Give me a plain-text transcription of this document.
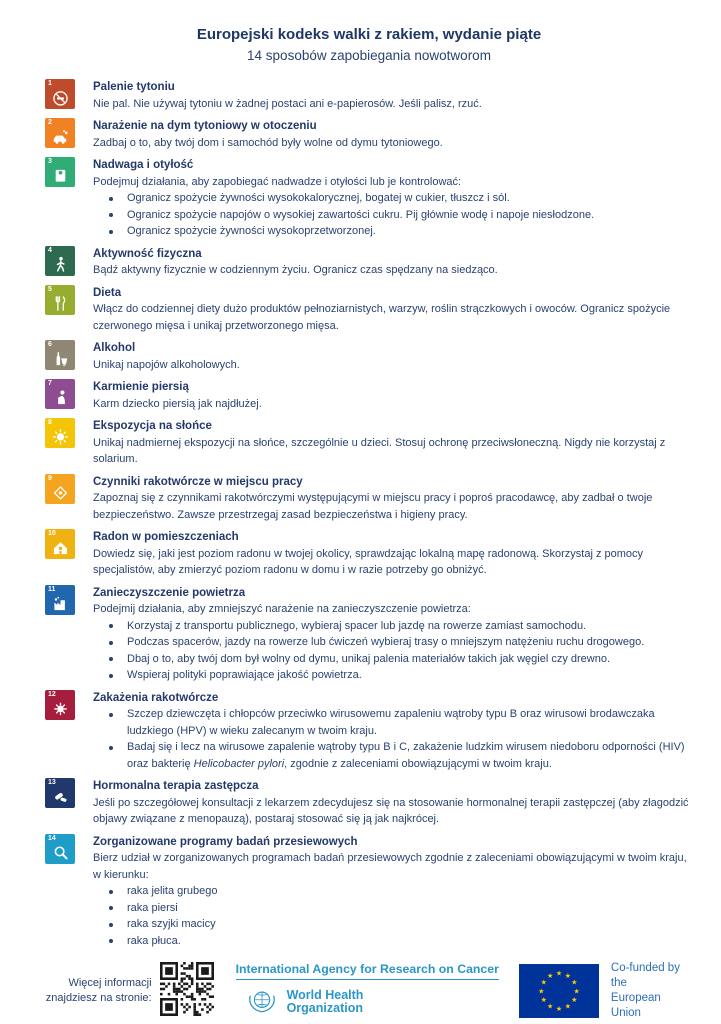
Europejski kodeks walki z rakiem, wydanie piąte
14 sposobów zapobiegania nowotworom
1	Palenie tytoniu

Nie pal. Nie używaj tytoniu w żadnej postaci ani e-papierosów. Jeśli palisz, rzuć.

2	Narażenie na dym tytoniowy w otoczeniu

Zadbaj o to, aby twój dom i samochód były wolne od dymu tytoniowego.

3	Nadwaga i otyłość

Podejmuj działania, aby zapobiegać nadwadze i otyłości lub je kontrolować:

Ogranicz spożycie żywności wysokokalorycznej, bogatej w cukier, tłuszcz i sól.
Ogranicz spożycie napojów o wysokiej zawartości cukru. Pij głównie wodę i napoje niesłodzone.
Ogranicz spożycie żywności wysokoprzetworzonej.
4	Aktywność fizyczna

Bądź aktywny fizycznie w codziennym życiu. Ogranicz czas spędzany na siedząco.

5	Dieta

Włącz do codziennej diety dużo produktów pełnoziarnistych, warzyw, roślin strączkowych i owoców. Ogranicz spożycie czerwonego mięsa i unikaj przetworzonego mięsa.

6	Alkohol

Unikaj napojów alkoholowych.

7	Karmienie piersią

Karm dziecko piersią jak najdłużej.

8	Ekspozycja na słońce

Unikaj nadmiernej ekspozycji na słońce, szczególnie u dzieci. Stosuj ochronę przeciwsłoneczną. Nigdy nie korzystaj z solarium.

9	Czynniki rakotwórcze w miejscu pracy

Zapoznaj się z czynnikami rakotwórczymi występującymi w miejscu pracy i poproś pracodawcę, aby zadbał o twoje bezpieczeństwo. Zawsze przestrzegaj zasad bezpieczeństwa i higieny pracy.

10	Radon w pomieszczeniach

Dowiedz się, jaki jest poziom radonu w twojej okolicy, sprawdzając lokalną mapę radonową. Skorzystaj z pomocy specjalistów, aby zmierzyć poziom radonu w domu i w razie potrzeby go obniżyć.

11	Zanieczyszczenie powietrza

Podejmij działania, aby zmniejszyć narażenie na zanieczyszczenie powietrza:

Korzystaj z transportu publicznego, wybieraj spacer lub jazdę na rowerze zamiast samochodu.
Podczas spacerów, jazdy na rowerze lub ćwiczeń wybieraj trasy o mniejszym natężeniu ruchu drogowego.
Dbaj o to, aby twój dom był wolny od dymu, unikaj palenia materiałów takich jak węgiel czy drewno.
Wspieraj polityki poprawiające jakość powietrza.
12	Zakażenia rakotwórcze
Szczep dziewczęta i chłopców przeciwko wirusowemu zapaleniu wątroby typu B oraz wirusowi brodawczaka ludzkiego (HPV) w wieku zalecanym w twoim kraju.
Badaj się i lecz na wirusowe zapalenie wątroby typu B i C, zakażenie ludzkim wirusem niedoboru odporności (HIV) oraz bakterię Helicobacter pylori, zgodnie z zaleceniami obowiązującymi w twoim kraju.
13	Hormonalna terapia zastępcza

Jeśli po szczegółowej konsultacji z lekarzem zdecydujesz się na stosowanie hormonalnej terapii zastępczej (aby złagodzić objawy związane z menopauzą), postaraj stosować się ją jak najkrócej.

14	Zorganizowane programy badań przesiewowych

Bierz udział w zorganizowanych programach badań przesiewowych zgodnie z zaleceniami obowiązującymi w twoim kraju, w kierunku:

raka jelita grubego
raka piersi
raka szyjki macicy
raka płuca.
Więcej informacji
znajdziesz na stronie:
International Agency for Research on Cancer
World Health
Organization
★ ★
★
★
★
★
★
★
★
★
★
★
Co-funded by the
European Union
